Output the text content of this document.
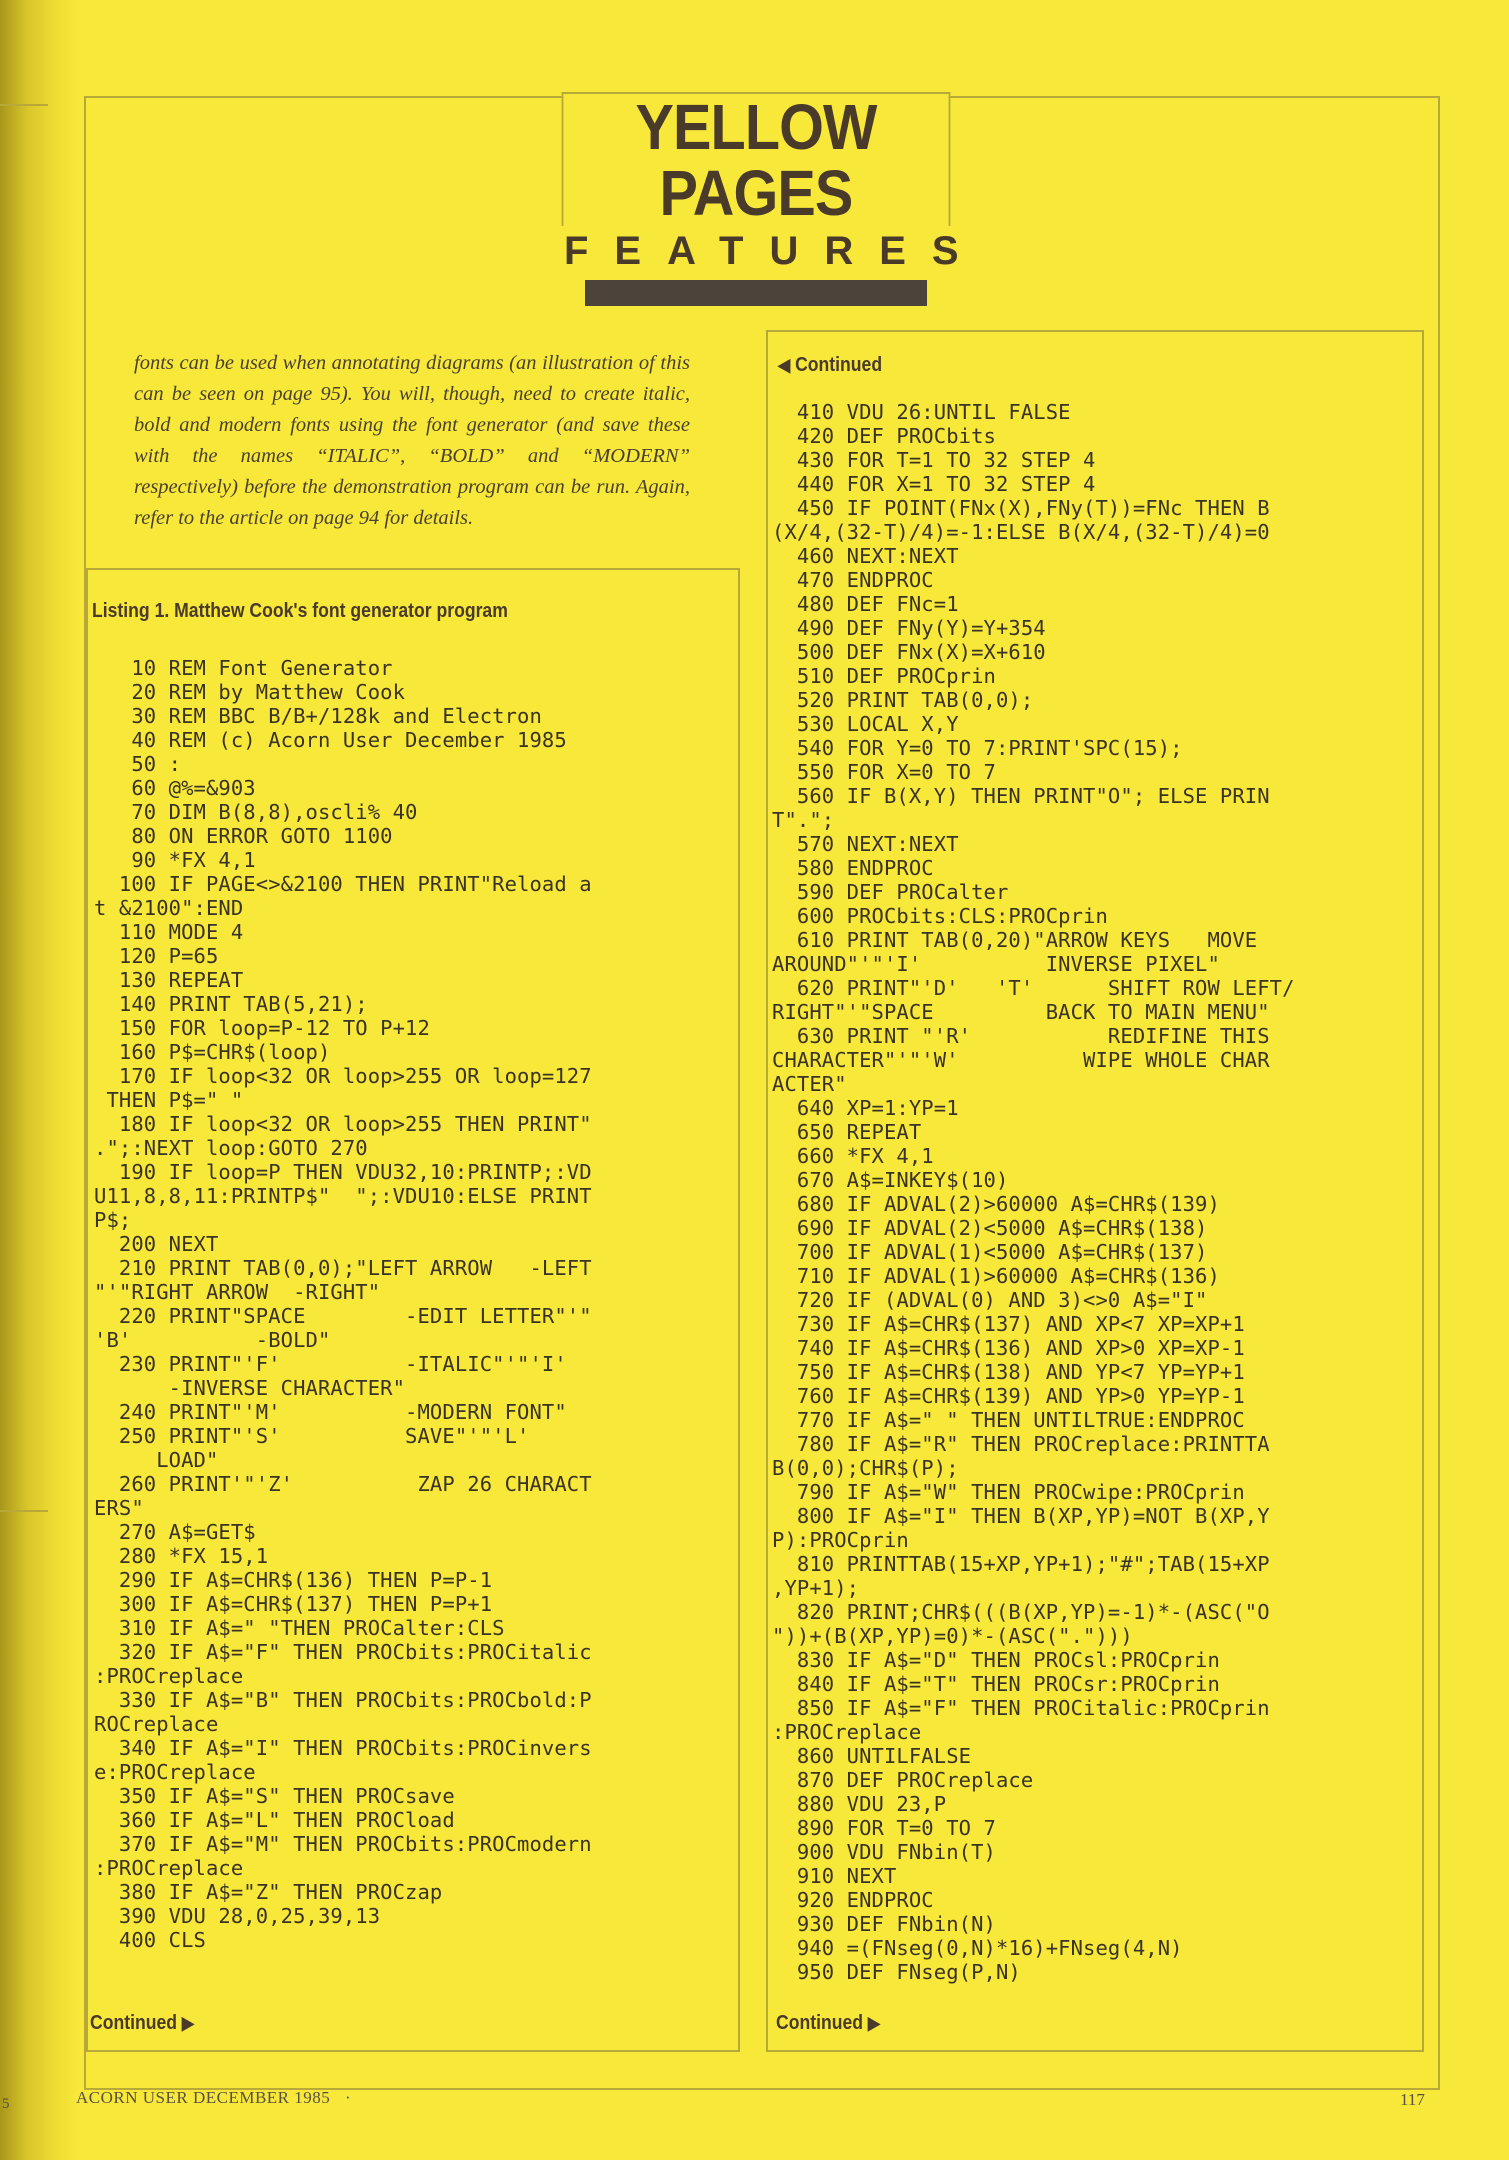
YELLOW PAGES
FEATURES
fonts can be used when annotating diagrams (an illustration of this can be seen on page 95). You will, though, need to create italic, bold and modern fonts using the font generator (and save these with the names “ITALIC”, “BOLD” and “MODERN” respectively) before the demonstration program can be run. Again, refer to the article on page 94 for details.
Listing 1. Matthew Cook's font generator program
10 REM Font Generator
20 REM by Matthew Cook
30 REM BBC B/B+/128k and Electron
40 REM (c) Acorn User December 1985
50 :
60 @%=&903
70 DIM B(8,8),oscli% 40
80 ON ERROR GOTO 1100
90 *FX 4,1
100 IF PAGE<>&2100 THEN PRINT"Reload a
t &2100":END
110 MODE 4
120 P=65
130 REPEAT
140 PRINT TAB(5,21);
150 FOR loop=P-12 TO P+12
160 P$=CHR$(loop)
170 IF loop<32 OR loop>255 OR loop=127
THEN P$=" "
180 IF loop<32 OR loop>255 THEN PRINT"
.";:NEXT loop:GOTO 270
190 IF loop=P THEN VDU32,10:PRINTP;:VD
U11,8,8,11:PRINTP$"  ";:VDU10:ELSE PRINT
P$;
200 NEXT
210 PRINT TAB(0,0);"LEFT ARROW   -LEFT
"'"RIGHT ARROW  -RIGHT"
220 PRINT"SPACE        -EDIT LETTER"'"
'B'          -BOLD"
230 PRINT"'F'          -ITALIC"'"'I'
-INVERSE CHARACTER"
240 PRINT"'M'          -MODERN FONT"
250 PRINT"'S'          SAVE"'"'L'
LOAD"
260 PRINT'"'Z'          ZAP 26 CHARACT
ERS"
270 A$=GET$
280 *FX 15,1
290 IF A$=CHR$(136) THEN P=P-1
300 IF A$=CHR$(137) THEN P=P+1
310 IF A$=" "THEN PROCalter:CLS
320 IF A$="F" THEN PROCbits:PROCitalic
:PROCreplace
330 IF A$="B" THEN PROCbits:PROCbold:P
ROCreplace
340 IF A$="I" THEN PROCbits:PROCinvers
e:PROCreplace
350 IF A$="S" THEN PROCsave
360 IF A$="L" THEN PROCload
370 IF A$="M" THEN PROCbits:PROCmodern
:PROCreplace
380 IF A$="Z" THEN PROCzap
390 VDU 28,0,25,39,13
400 CLS
Continued ▶
◀ Continued
410 VDU 26:UNTIL FALSE
420 DEF PROCbits
430 FOR T=1 TO 32 STEP 4
440 FOR X=1 TO 32 STEP 4
450 IF POINT(FNx(X),FNy(T))=FNc THEN B
(X/4,(32-T)/4)=-1:ELSE B(X/4,(32-T)/4)=0
460 NEXT:NEXT
470 ENDPROC
480 DEF FNc=1
490 DEF FNy(Y)=Y+354
500 DEF FNx(X)=X+610
510 DEF PROCprin
520 PRINT TAB(0,0);
530 LOCAL X,Y
540 FOR Y=0 TO 7:PRINT'SPC(15);
550 FOR X=0 TO 7
560 IF B(X,Y) THEN PRINT"O"; ELSE PRIN
T".";
570 NEXT:NEXT
580 ENDPROC
590 DEF PROCalter
600 PROCbits:CLS:PROCprin
610 PRINT TAB(0,20)"ARROW KEYS   MOVE
AROUND"'"'I'          INVERSE PIXEL"
620 PRINT"'D'   'T'      SHIFT ROW LEFT/
RIGHT"'"SPACE         BACK TO MAIN MENU"
630 PRINT "'R'           REDIFINE THIS
CHARACTER"'"'W'          WIPE WHOLE CHAR
ACTER"
640 XP=1:YP=1
650 REPEAT
660 *FX 4,1
670 A$=INKEY$(10)
680 IF ADVAL(2)>60000 A$=CHR$(139)
690 IF ADVAL(2)<5000 A$=CHR$(138)
700 IF ADVAL(1)<5000 A$=CHR$(137)
710 IF ADVAL(1)>60000 A$=CHR$(136)
720 IF (ADVAL(0) AND 3)<>0 A$="I"
730 IF A$=CHR$(137) AND XP<7 XP=XP+1
740 IF A$=CHR$(136) AND XP>0 XP=XP-1
750 IF A$=CHR$(138) AND YP<7 YP=YP+1
760 IF A$=CHR$(139) AND YP>0 YP=YP-1
770 IF A$=" " THEN UNTILTRUE:ENDPROC
780 IF A$="R" THEN PROCreplace:PRINTTA
B(0,0);CHR$(P);
790 IF A$="W" THEN PROCwipe:PROCprin
800 IF A$="I" THEN B(XP,YP)=NOT B(XP,Y
P):PROCprin
810 PRINTTAB(15+XP,YP+1);"#";TAB(15+XP
,YP+1);
820 PRINT;CHR$(((B(XP,YP)=-1)*-(ASC("O
"))+(B(XP,YP)=0)*-(ASC(".")))
830 IF A$="D" THEN PROCsl:PROCprin
840 IF A$="T" THEN PROCsr:PROCprin
850 IF A$="F" THEN PROCitalic:PROCprin
:PROCreplace
860 UNTILFALSE
870 DEF PROCreplace
880 VDU 23,P
890 FOR T=0 TO 7
900 VDU FNbin(T)
910 NEXT
920 ENDPROC
930 DEF FNbin(N)
940 =(FNseg(0,N)*16)+FNseg(4,N)
950 DEF FNseg(P,N)
Continued ▶
5	ACORN USER DECEMBER 1985 ·	117
